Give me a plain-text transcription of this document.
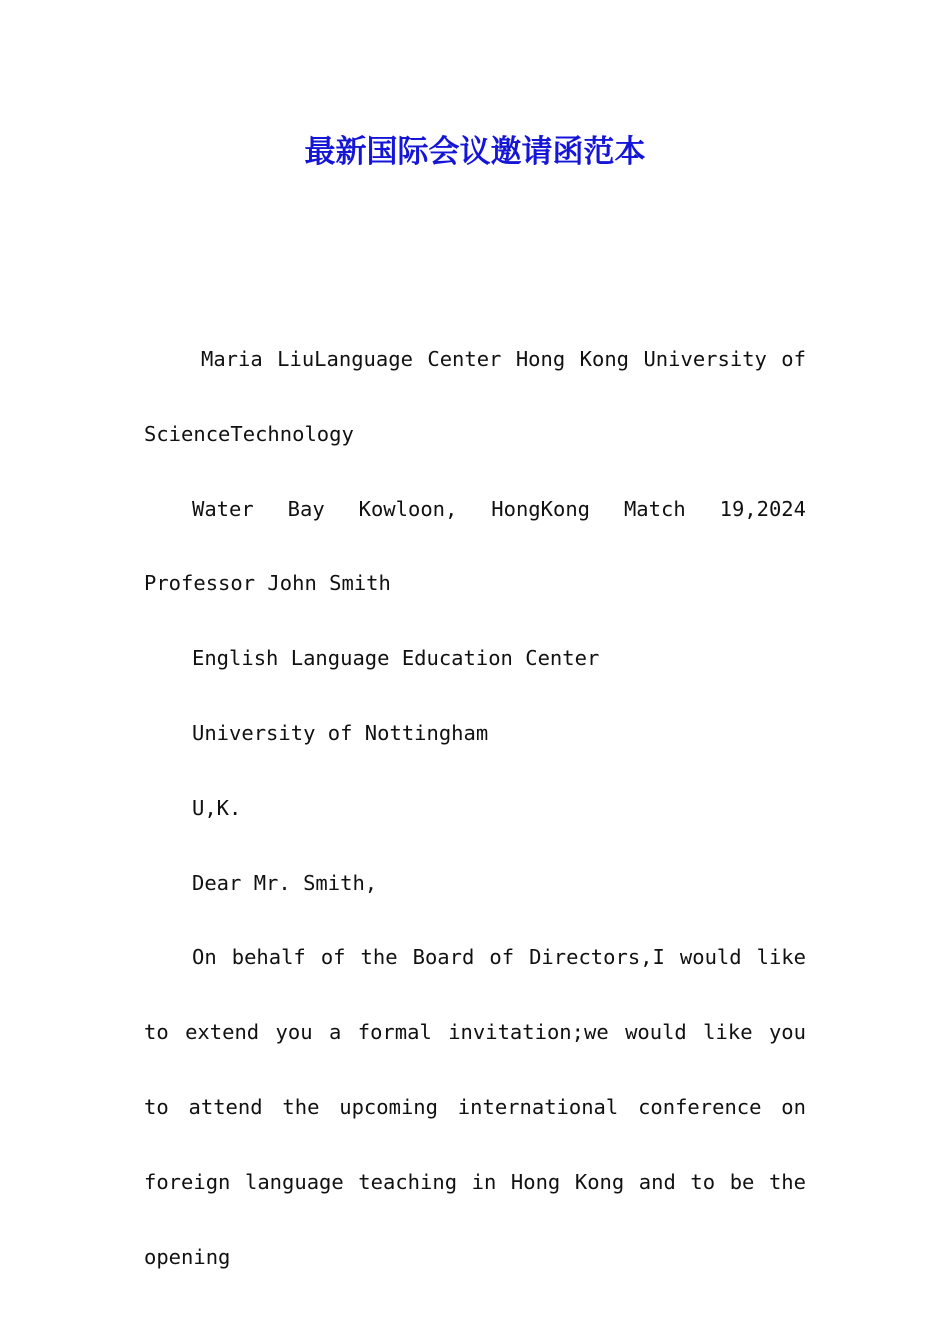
最新国际会议邀请函范本

Maria LiuLanguage Center Hong Kong University of ScienceTechnology

Water Bay Kowloon, HongKong Match 19,2024 Professor John Smith

English Language Education Center

University of Nottingham

U,K.

Dear Mr. Smith,

On behalf of the Board of Directors,I would like to extend you a formal invitation;we would like you to attend the upcoming international conference on foreign language teaching in Hong Kong and to be the opening
